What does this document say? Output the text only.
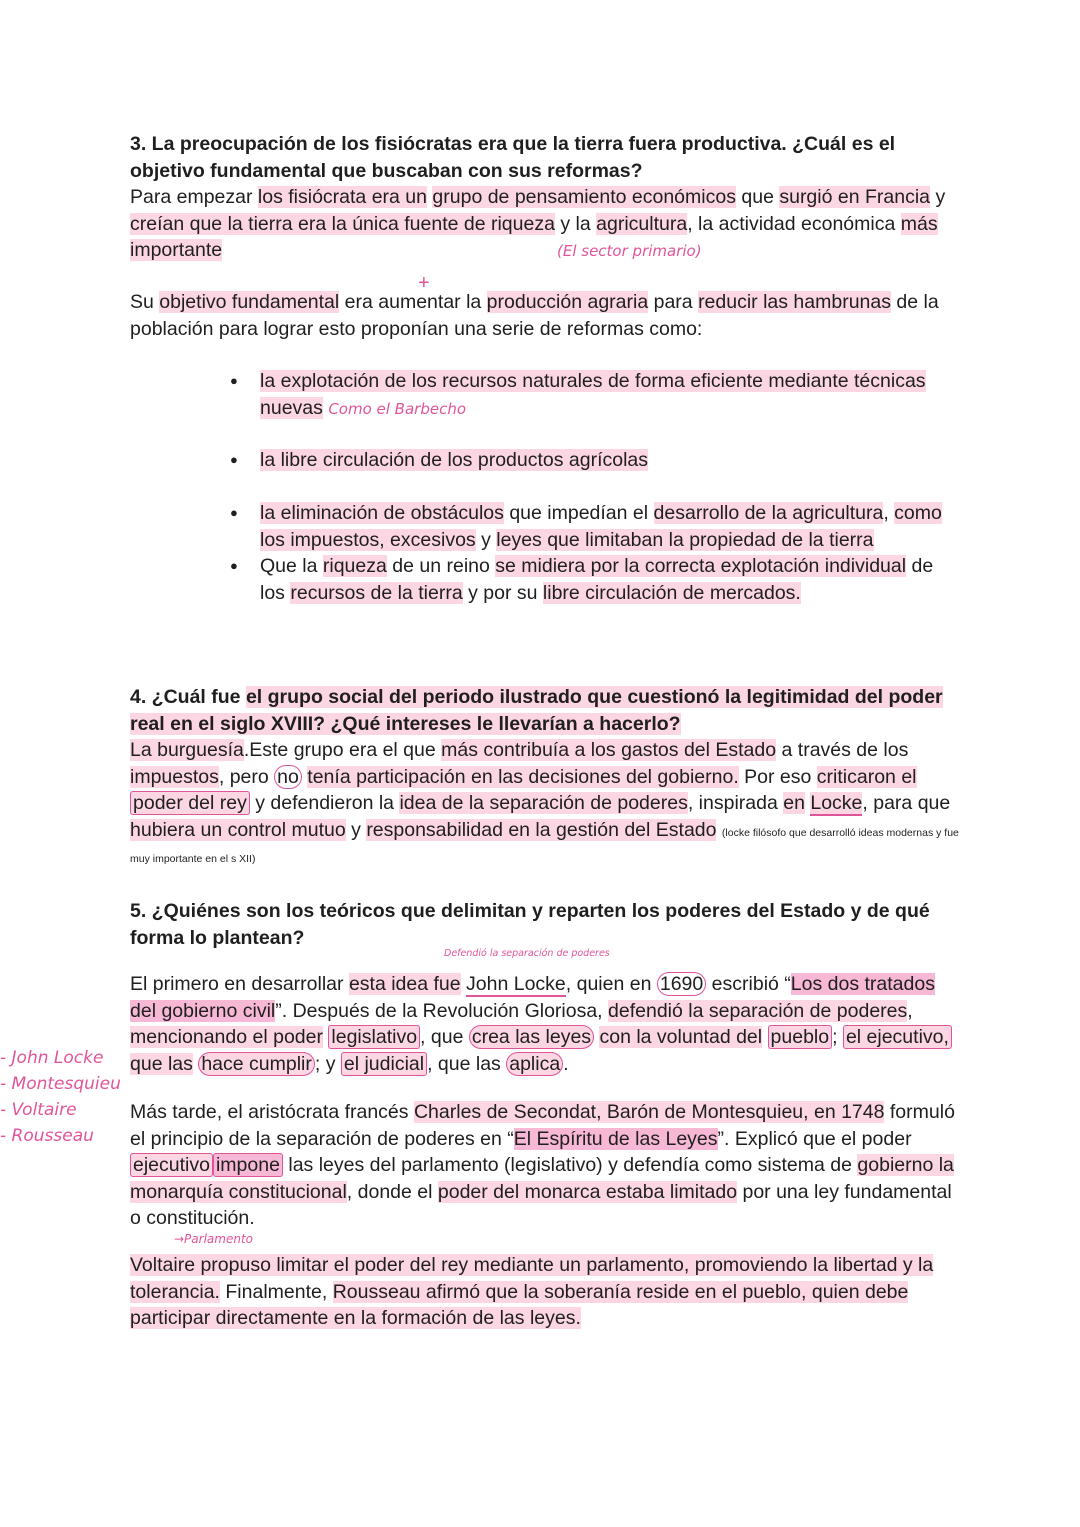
3. La preocupación de los fisiócratas era que la tierra fuera productiva. ¿Cuál es el objetivo fundamental que buscaban con sus reformas?

Para empezar los fisiócrata era un grupo de pensamiento económicos que surgió en Francia y creían que la tierra era la única fuente de riqueza y la agricultura, la actividad económica más importante	(El sector primario)
+

Su objetivo fundamental era aumentar la producción agraria para reducir las hambrunas de la población para lograr esto proponían una serie de reformas como:

● la explotación de los recursos naturales de forma eficiente mediante técnicas nuevas Como el Barbecho
● la libre circulación de los productos agrícolas
● la eliminación de obstáculos que impedían el desarrollo de la agricultura, como los impuestos, excesivos y leyes que limitaban la propiedad de la tierra
● Que la riqueza de un reino se midiera por la correcta explotación individual de los recursos de la tierra y por su libre circulación de mercados.

4. ¿Cuál fue el grupo social del periodo ilustrado que cuestionó la legitimidad del poder real en el siglo XVIII? ¿Qué intereses le llevarían a hacerlo?

La burguesía.Este grupo era el que más contribuía a los gastos del Estado a través de los impuestos, pero no tenía participación en las decisiones del gobierno. Por eso criticaron el poder del rey y defendieron la idea de la separación de poderes, inspirada en Locke, para que hubiera un control mutuo y responsabilidad en la gestión del Estado (locke filósofo que desarrolló ideas modernas y fue muy importante en el s XII)

5. ¿Quiénes son los teóricos que delimitan y reparten los poderes del Estado y de qué forma lo plantean?

Defendió la separación de poderes

El primero en desarrollar esta idea fue John Locke, quien en 1690 escribió “Los dos tratados del gobierno civil”. Después de la Revolución Gloriosa, defendió la separación de poderes, mencionando el poder legislativo , que crea las leyes con la voluntad del pueblo ; el ejecutivo, que las hace cumplir ; y el judicial , que las aplica .

- John Locke
- Montesquieu
- Voltaire
- Rousseau

Más tarde, el aristócrata francés Charles de Secondat, Barón de Montesquieu, en 1748 formuló el principio de la separación de poderes en “El Espíritu de las Leyes”. Explicó que el poder ejecutivo impone las leyes del parlamento (legislativo) y defendía como sistema de gobierno la monarquía constitucional, donde el poder del monarca estaba limitado por una ley fundamental o constitución.

→Parlamento

Voltaire propuso limitar el poder del rey mediante un parlamento, promoviendo la libertad y la tolerancia. Finalmente, Rousseau afirmó que la soberanía reside en el pueblo, quien debe participar directamente en la formación de las leyes.
